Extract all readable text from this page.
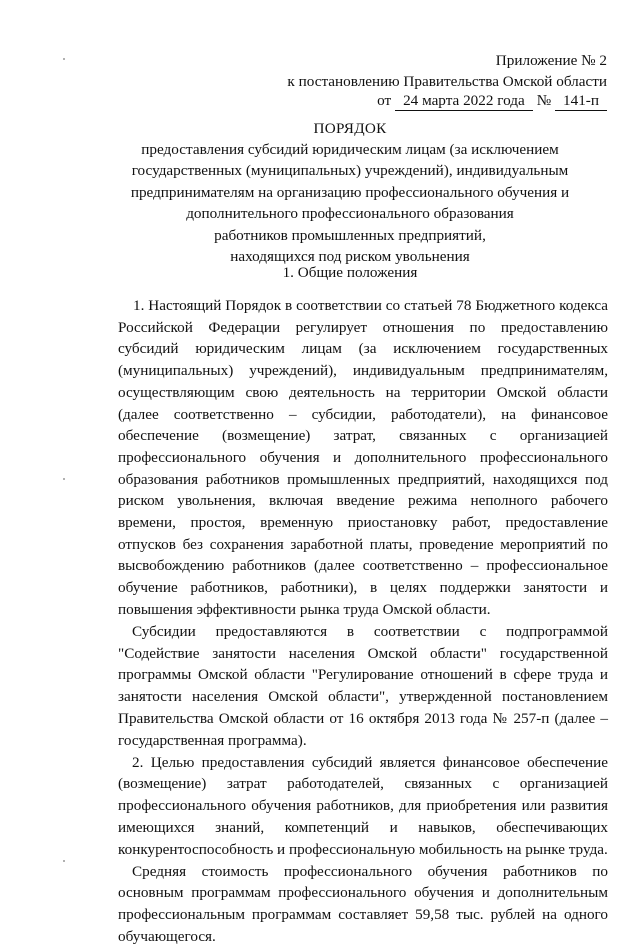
Приложение № 2
к постановлению Правительства Омской области
от 24 марта 2022 года № 141-п
ПОРЯДОК
предоставления субсидий юридическим лицам (за исключением
государственных (муниципальных) учреждений), индивидуальным
предпринимателям на организацию профессионального обучения и
дополнительного профессионального образования
работников промышленных предприятий,
находящихся под риском увольнения
1. Общие положения

1. Настоящий Порядок в соответствии со статьей 78 Бюджетного кодекса Российской Федерации регулирует отношения по предоставлению субсидий юридическим лицам (за исключением государственных (муниципальных) учреждений), индивидуальным предпринимателям, осуществляющим свою деятельность на территории Омской области (далее соответственно – субсидии, работодатели), на финансовое обеспечение (возмещение) затрат, связанных с организацией профессионального обучения и дополнительного профессионального образования работников промышленных предприятий, находящихся под риском увольнения, включая введение режима неполного рабочего времени, простоя, временную приостановку работ, предоставление отпусков без сохранения заработной платы, проведение мероприятий по высвобождению работников (далее соответственно – профессиональное обучение работников, работники), в целях поддержки занятости и повышения эффективности рынка труда Омской области.

Субсидии предоставляются в соответствии с подпрограммой "Содействие занятости населения Омской области" государственной программы Омской области "Регулирование отношений в сфере труда и занятости населения Омской области", утвержденной постановлением Правительства Омской области от 16 октября 2013 года № 257-п (далее – государственная программа).

2. Целью предоставления субсидий является финансовое обеспечение (возмещение) затрат работодателей, связанных с организацией профессионального обучения работников, для приобретения или развития имеющихся знаний, компетенций и навыков, обеспечивающих конкурентоспособность и профессиональную мобильность на рынке труда.

Средняя стоимость профессионального обучения работников по основным программам профессионального обучения и дополнительным профессиональным программам составляет 59,58 тыс. рублей на одного обучающегося.
